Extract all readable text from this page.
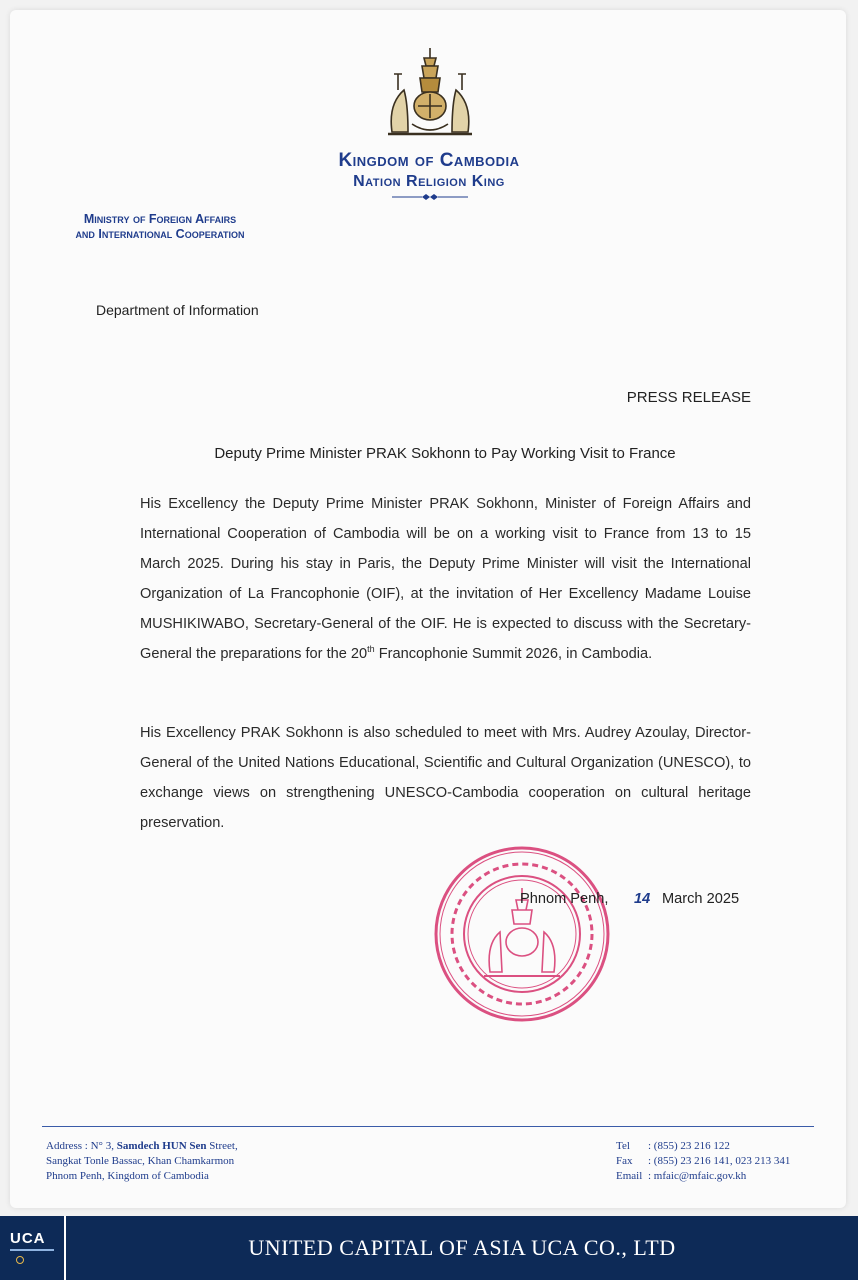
Kingdom of Cambodia
Nation Religion King
Ministry of Foreign Affairs
and International Cooperation
Department of Information
PRESS RELEASE
Deputy Prime Minister PRAK Sokhonn to Pay Working Visit to France
His Excellency the Deputy Prime Minister PRAK Sokhonn, Minister of Foreign Affairs and International Cooperation of Cambodia will be on a working visit to France from 13 to 15 March 2025. During his stay in Paris, the Deputy Prime Minister will visit the International Organization of La Francophonie (OIF), at the invitation of Her Excellency Madame Louise MUSHIKIWABO, Secretary-General of the OIF. He is expected to discuss with the Secretary-General the preparations for the 20th Francophonie Summit 2026, in Cambodia.
His Excellency PRAK Sokhonn is also scheduled to meet with Mrs. Audrey Azoulay, Director-General of the United Nations Educational, Scientific and Cultural Organization (UNESCO), to exchange views on strengthening UNESCO-Cambodia cooperation on cultural heritage preservation.
Phnom Penh, 14 March 2025
Address : N° 3, Samdech HUN Sen Street,
Sangkat Tonle Bassac, Khan Chamkarmon
Phnom Penh, Kingdom of Cambodia
Tel : (855) 23 216 122
Fax : (855) 23 216 141, 023 213 341
Email : mfaic@mfaic.gov.kh
UCA	UNITED CAPITAL OF ASIA UCA CO., LTD
